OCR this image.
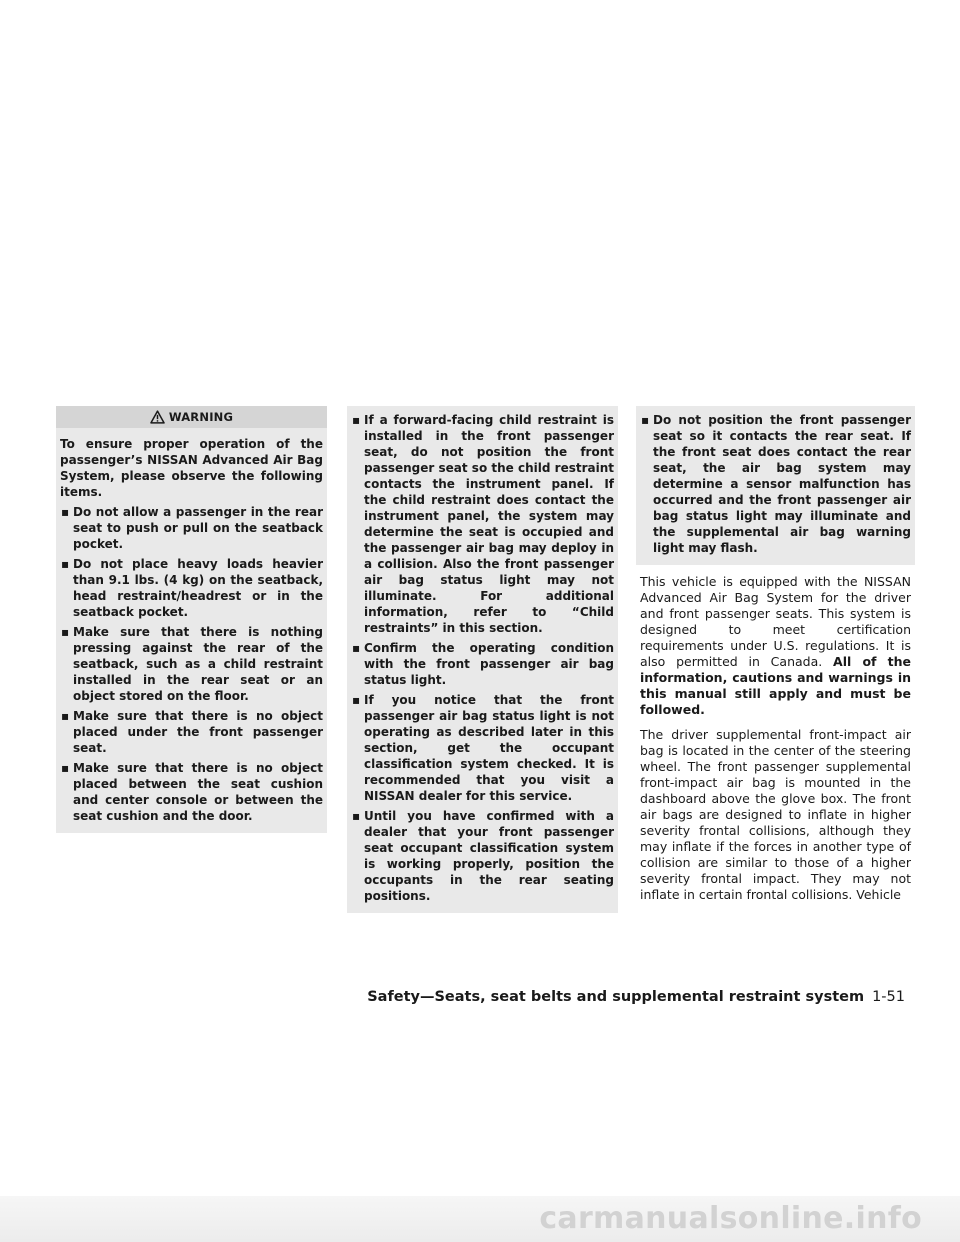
WARNING

To ensure proper operation of the passenger’s NISSAN Advanced Air Bag System, please observe the following items.

▪ Do not allow a passenger in the rear seat to push or pull on the seatback pocket.
▪ Do not place heavy loads heavier than 9.1 lbs. (4 kg) on the seatback, head restraint/headrest or in the seatback pocket.
▪ Make sure that there is nothing pressing against the rear of the seatback, such as a child restraint installed in the rear seat or an object stored on the floor.
▪ Make sure that there is no object placed under the front passenger seat.
▪ Make sure that there is no object placed between the seat cushion and center console or between the seat cushion and the door.
▪ If a forward-facing child restraint is installed in the front passenger seat, do not position the front passenger seat so the child restraint contacts the instrument panel. If the child restraint does contact the instrument panel, the system may determine the seat is occupied and the passenger air bag may deploy in a collision. Also the front passenger air bag status light may not illuminate. For additional information, refer to “Child restraints” in this section.
▪ Confirm the operating condition with the front passenger air bag status light.
▪ If you notice that the front passenger air bag status light is not operating as described later in this section, get the occupant classification system checked. It is recommended that you visit a NISSAN dealer for this service.
▪ Until you have confirmed with a dealer that your front passenger seat occupant classification system is working properly, position the occupants in the rear seating positions.
▪ Do not position the front passenger seat so it contacts the rear seat. If the front seat does contact the rear seat, the air bag system may determine a sensor malfunction has occurred and the front passenger air bag status light may illuminate and the supplemental air bag warning light may flash.

This vehicle is equipped with the NISSAN Advanced Air Bag System for the driver and front passenger seats. This system is designed to meet certification requirements under U.S. regulations. It is also permitted in Canada. All of the information, cautions and warnings in this manual still apply and must be followed.

The driver supplemental front-impact air bag is located in the center of the steering wheel. The front passenger supplemental front-impact air bag is mounted in the dashboard above the glove box. The front air bags are designed to inflate in higher severity frontal collisions, although they may inflate if the forces in another type of collision are similar to those of a higher severity frontal impact. They may not inflate in certain frontal collisions. Vehicle

Safety—Seats, seat belts and supplemental restraint system 1-51
carmanualsonline.info
